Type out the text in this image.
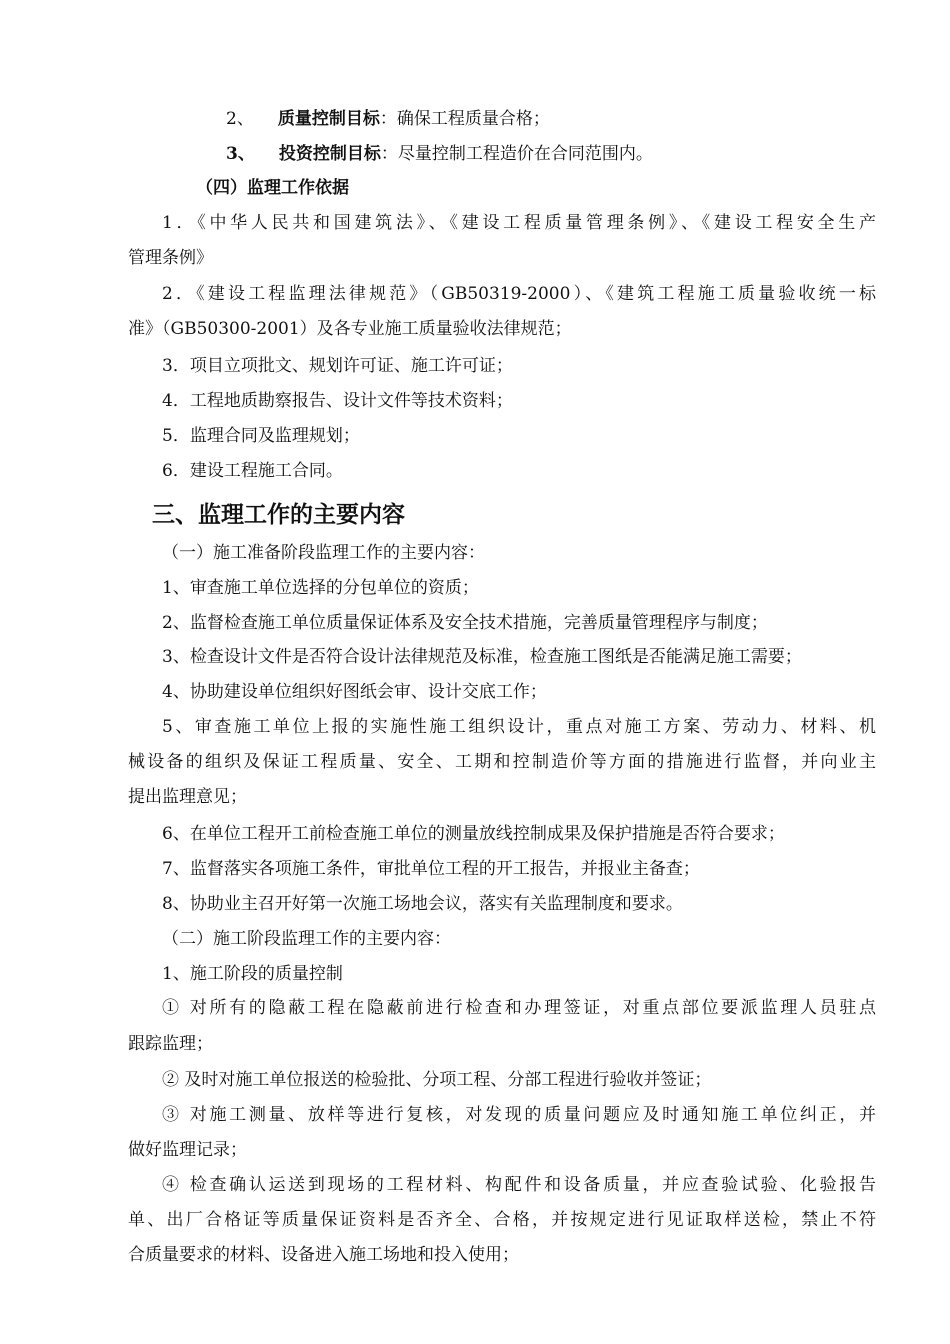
2、 质量控制目标：确保工程质量合格；
3、 投资控制目标：尽量控制工程造价在合同范围内。
（四）监理工作依据
1．《中华人民共和国建筑法》、《建设工程质量管理条例》、《建设工程安全生产
管理条例》
2．《建设工程监理法律规范》（GB50319-2000）、《建筑工程施工质量验收统一标
准》（GB50300-2001）及各专业施工质量验收法律规范；
3．项目立项批文、规划许可证、施工许可证；
4．工程地质勘察报告、设计文件等技术资料；
5．监理合同及监理规划；
6．建设工程施工合同。
三、监理工作的主要内容
（一）施工准备阶段监理工作的主要内容：
1、审查施工单位选择的分包单位的资质；
2、监督检查施工单位质量保证体系及安全技术措施，完善质量管理程序与制度；
3、检查设计文件是否符合设计法律规范及标准，检查施工图纸是否能满足施工需要；
4、协助建设单位组织好图纸会审、设计交底工作；
5、审查施工单位上报的实施性施工组织设计，重点对施工方案、劳动力、材料、机
械设备的组织及保证工程质量、安全、工期和控制造价等方面的措施进行监督，并向业主
提出监理意见；
6、在单位工程开工前检查施工单位的测量放线控制成果及保护措施是否符合要求；
7、监督落实各项施工条件，审批单位工程的开工报告，并报业主备查；
8、协助业主召开好第一次施工场地会议，落实有关监理制度和要求。
（二）施工阶段监理工作的主要内容：
1、施工阶段的质量控制
① 对所有的隐蔽工程在隐蔽前进行检查和办理签证，对重点部位要派监理人员驻点
跟踪监理；
② 及时对施工单位报送的检验批、分项工程、分部工程进行验收并签证；
③ 对施工测量、放样等进行复核，对发现的质量问题应及时通知施工单位纠正，并
做好监理记录；
④ 检查确认运送到现场的工程材料、构配件和设备质量，并应查验试验、化验报告
单、出厂合格证等质量保证资料是否齐全、合格，并按规定进行见证取样送检，禁止不符
合质量要求的材料、设备进入施工场地和投入使用；
